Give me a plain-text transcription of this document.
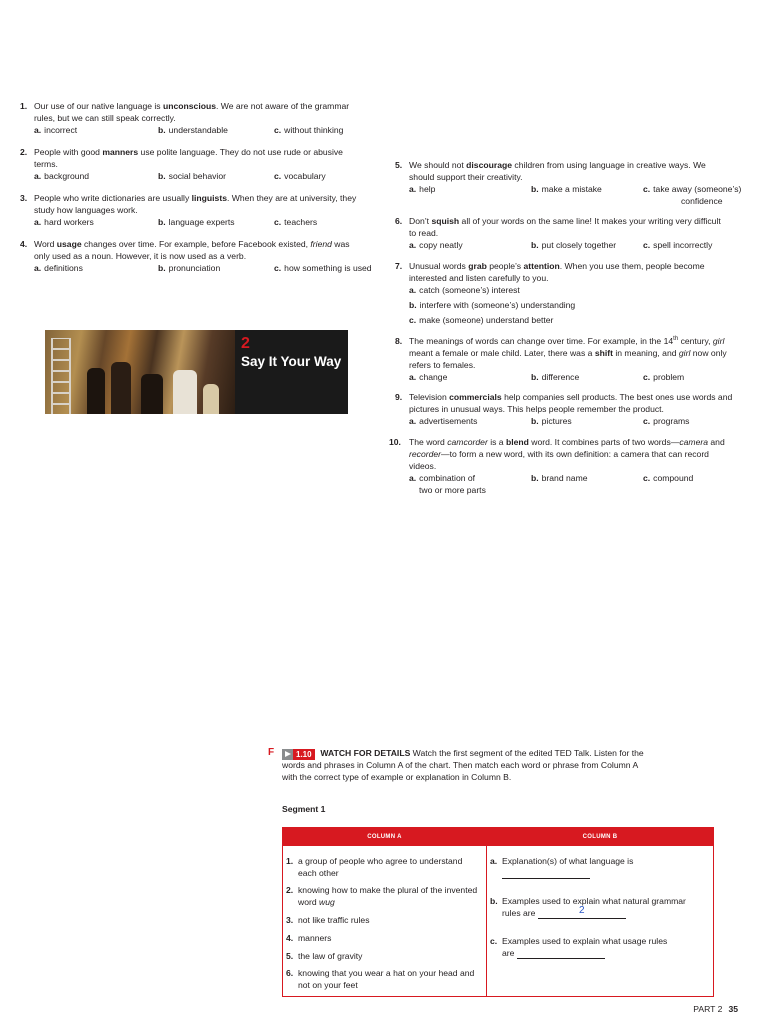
1. Our use of our native language is unconscious. We are not aware of the grammar rules, but we can still speak correctly.
a. incorrect	b. understandable	c. without thinking
2. People with good manners use polite language. They do not use rude or abusive terms.
a. background	b. social behavior	c. vocabulary
3. People who write dictionaries are usually linguists. When they are at university, they study how languages work.
a. hard workers	b. language experts	c. teachers
4. Word usage changes over time. For example, before Facebook existed, friend was only used as a noun. However, it is now used as a verb.
a. definitions	b. pronunciation	c. how something is used
2
Say It Your Way
5. We should not discourage children from using language in creative ways. We should support their creativity.
a. help	b. make a mistake	c. take away (someone’s)
confidence
6. Don’t squish all of your words on the same line! It makes your writing very difficult to read.
a. copy neatly	b. put closely together	c. spell incorrectly
7. Unusual words grab people’s attention. When you use them, people become interested and listen carefully to you.
a. catch (someone’s) interest
b. interfere with (someone’s) understanding
c. make (someone) understand better
8. The meanings of words can change over time. For example, in the 14th century, girl meant a female or male child. Later, there was a shift in meaning, and girl now only refers to females.
a. change	b. difference	c. problem
9. Television commercials help companies sell products. The best ones use words and pictures in unusual ways. This helps people remember the product.
a. advertisements	b. pictures	c. programs
10. The word camcorder is a blend word. It combines parts of two words—camera and recorder—to form a new word, with its own definition: a camera that can record videos.
a. combination of
two or more parts
b. brand name	c. compound
F	1.10	WATCH FOR DETAILS Watch the first segment of the edited TED Talk. Listen for the words and phrases in Column A of the chart. Then match each word or phrase from Column A with the correct type of example or explanation in Column B.
Segment 1
COLUMN A	COLUMN B
1. a group of people who agree to understand each other
2. knowing how to make the plural of the invented word wug
3. not like traffic rules
4. manners
5. the law of gravity
6. knowing that you wear a hat on your head and not on your feet
a. Explanation(s) of what language is

b. Examples used to explain what natural grammar
rules are	2
c. Examples used to explain what usage rules
are
PART 2 35
